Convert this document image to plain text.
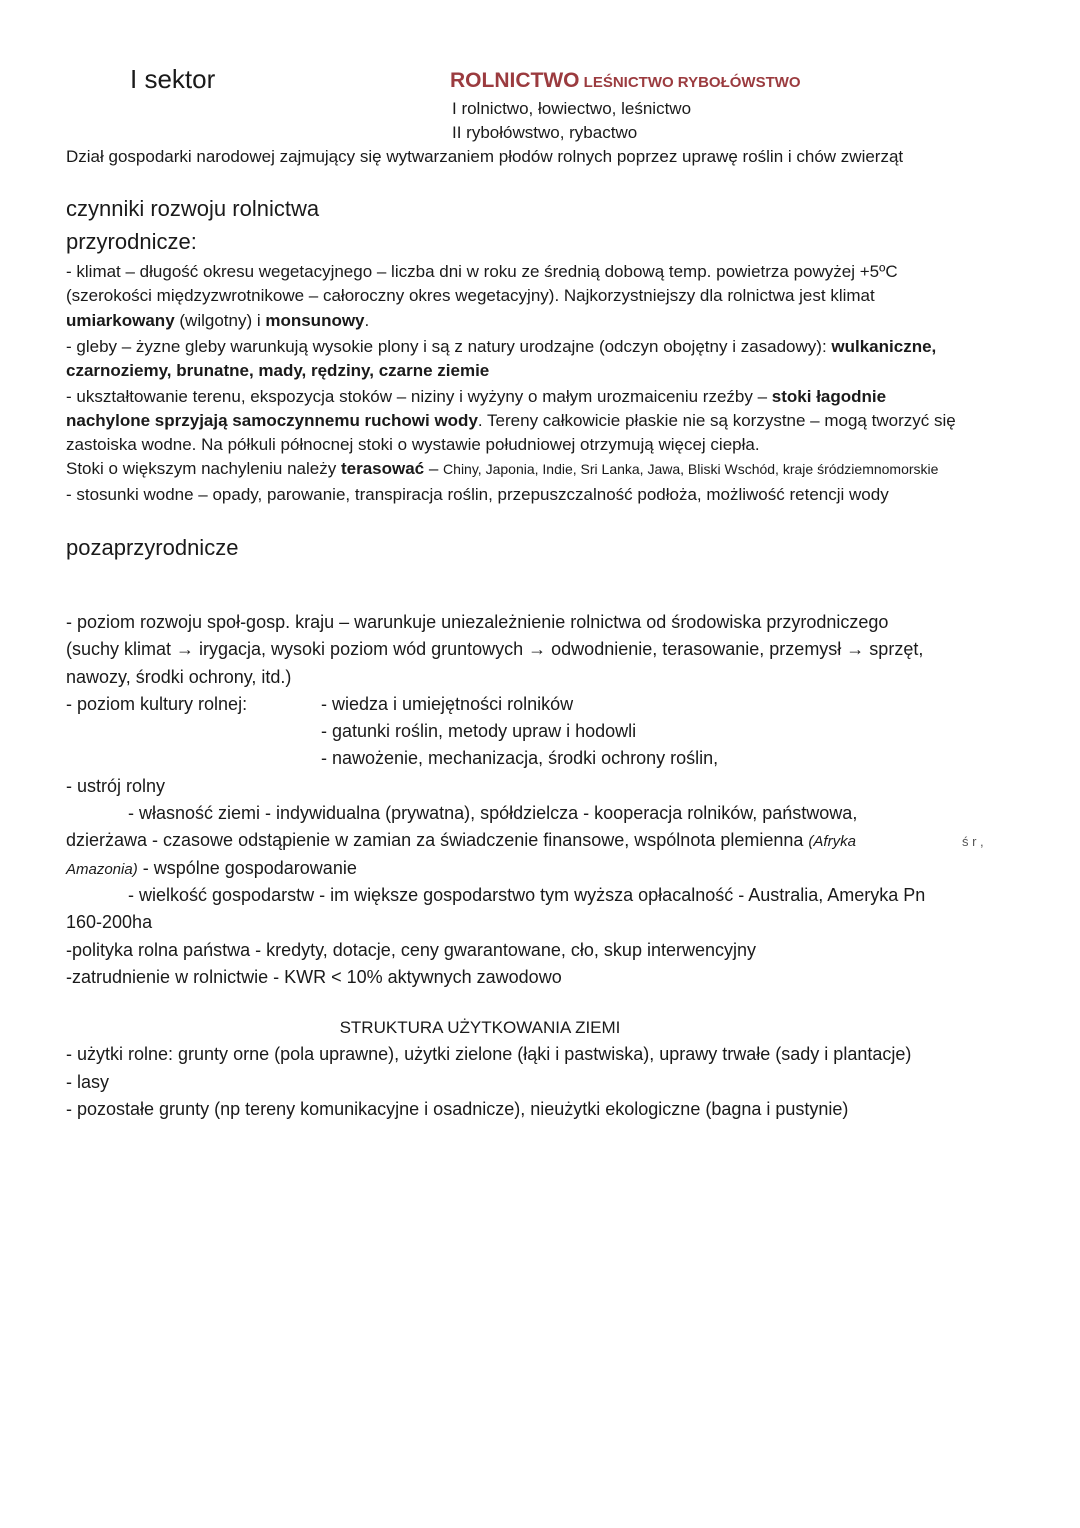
I sektor	ROLNICTWO LEŚNICTWO RYBOŁÓWSTWO
I rolnictwo, łowiectwo, leśnictwo
II rybołówstwo, rybactwo
Dział gospodarki narodowej zajmujący się wytwarzaniem płodów rolnych poprzez uprawę roślin i chów zwierząt
czynniki rozwoju rolnictwa
przyrodnicze:
- klimat – długość okresu wegetacyjnego – liczba dni w roku ze średnią dobową temp. powietrza powyżej +5ºC
(szerokości międzyzwrotnikowe – całoroczny okres wegetacyjny). Najkorzystniejszy dla rolnictwa jest klimat
umiarkowany (wilgotny) i monsunowy.
- gleby – żyzne gleby warunkują wysokie plony i są z natury urodzajne (odczyn obojętny i zasadowy): wulkaniczne,
czarnoziemy, brunatne, mady, rędziny, czarne ziemie
- ukształtowanie terenu, ekspozycja stoków – niziny i wyżyny o małym urozmaiceniu rzeźby – stoki łagodnie
nachylone sprzyjają samoczynnemu ruchowi wody. Tereny całkowicie płaskie nie są korzystne – mogą tworzyć się
zastoiska wodne. Na półkuli północnej stoki o wystawie południowej otrzymują więcej ciepła.
Stoki o większym nachyleniu należy terasować – Chiny, Japonia, Indie, Sri Lanka, Jawa, Bliski Wschód, kraje śródziemnomorskie
- stosunki wodne – opady, parowanie, transpiracja roślin, przepuszczalność podłoża, możliwość retencji wody
pozaprzyrodnicze
- poziom rozwoju społ-gosp. kraju – warunkuje uniezależnienie rolnictwa od środowiska przyrodniczego
(suchy klimat → irygacja, wysoki poziom wód gruntowych → odwodnienie, terasowanie, przemysł → sprzęt,
nawozy, środki ochrony, itd.)
- poziom kultury rolnej:	- wiedza i umiejętności rolników
- gatunki roślin, metody upraw i hodowli
- nawożenie, mechanizacja, środki ochrony roślin,
- ustrój rolny
- własność ziemi - indywidualna (prywatna), spółdzielcza - kooperacja rolników, państwowa,
dzierżawa - czasowe odstąpienie w zamian za świadczenie finansowe, wspólnota plemienna (Afryka	ś r ,
Amazonia) - wspólne gospodarowanie
- wielkość gospodarstw - im większe gospodarstwo tym wyższa opłacalność - Australia, Ameryka Pn
160-200ha
-polityka rolna państwa - kredyty, dotacje, ceny gwarantowane, cło, skup interwencyjny
-zatrudnienie w rolnictwie - KWR < 10% aktywnych zawodowo
STRUKTURA UŻYTKOWANIA ZIEMI
- użytki rolne: grunty orne (pola uprawne), użytki zielone (łąki i pastwiska), uprawy trwałe (sady i plantacje)
- lasy
- pozostałe grunty (np tereny komunikacyjne i osadnicze), nieużytki ekologiczne (bagna i pustynie)
